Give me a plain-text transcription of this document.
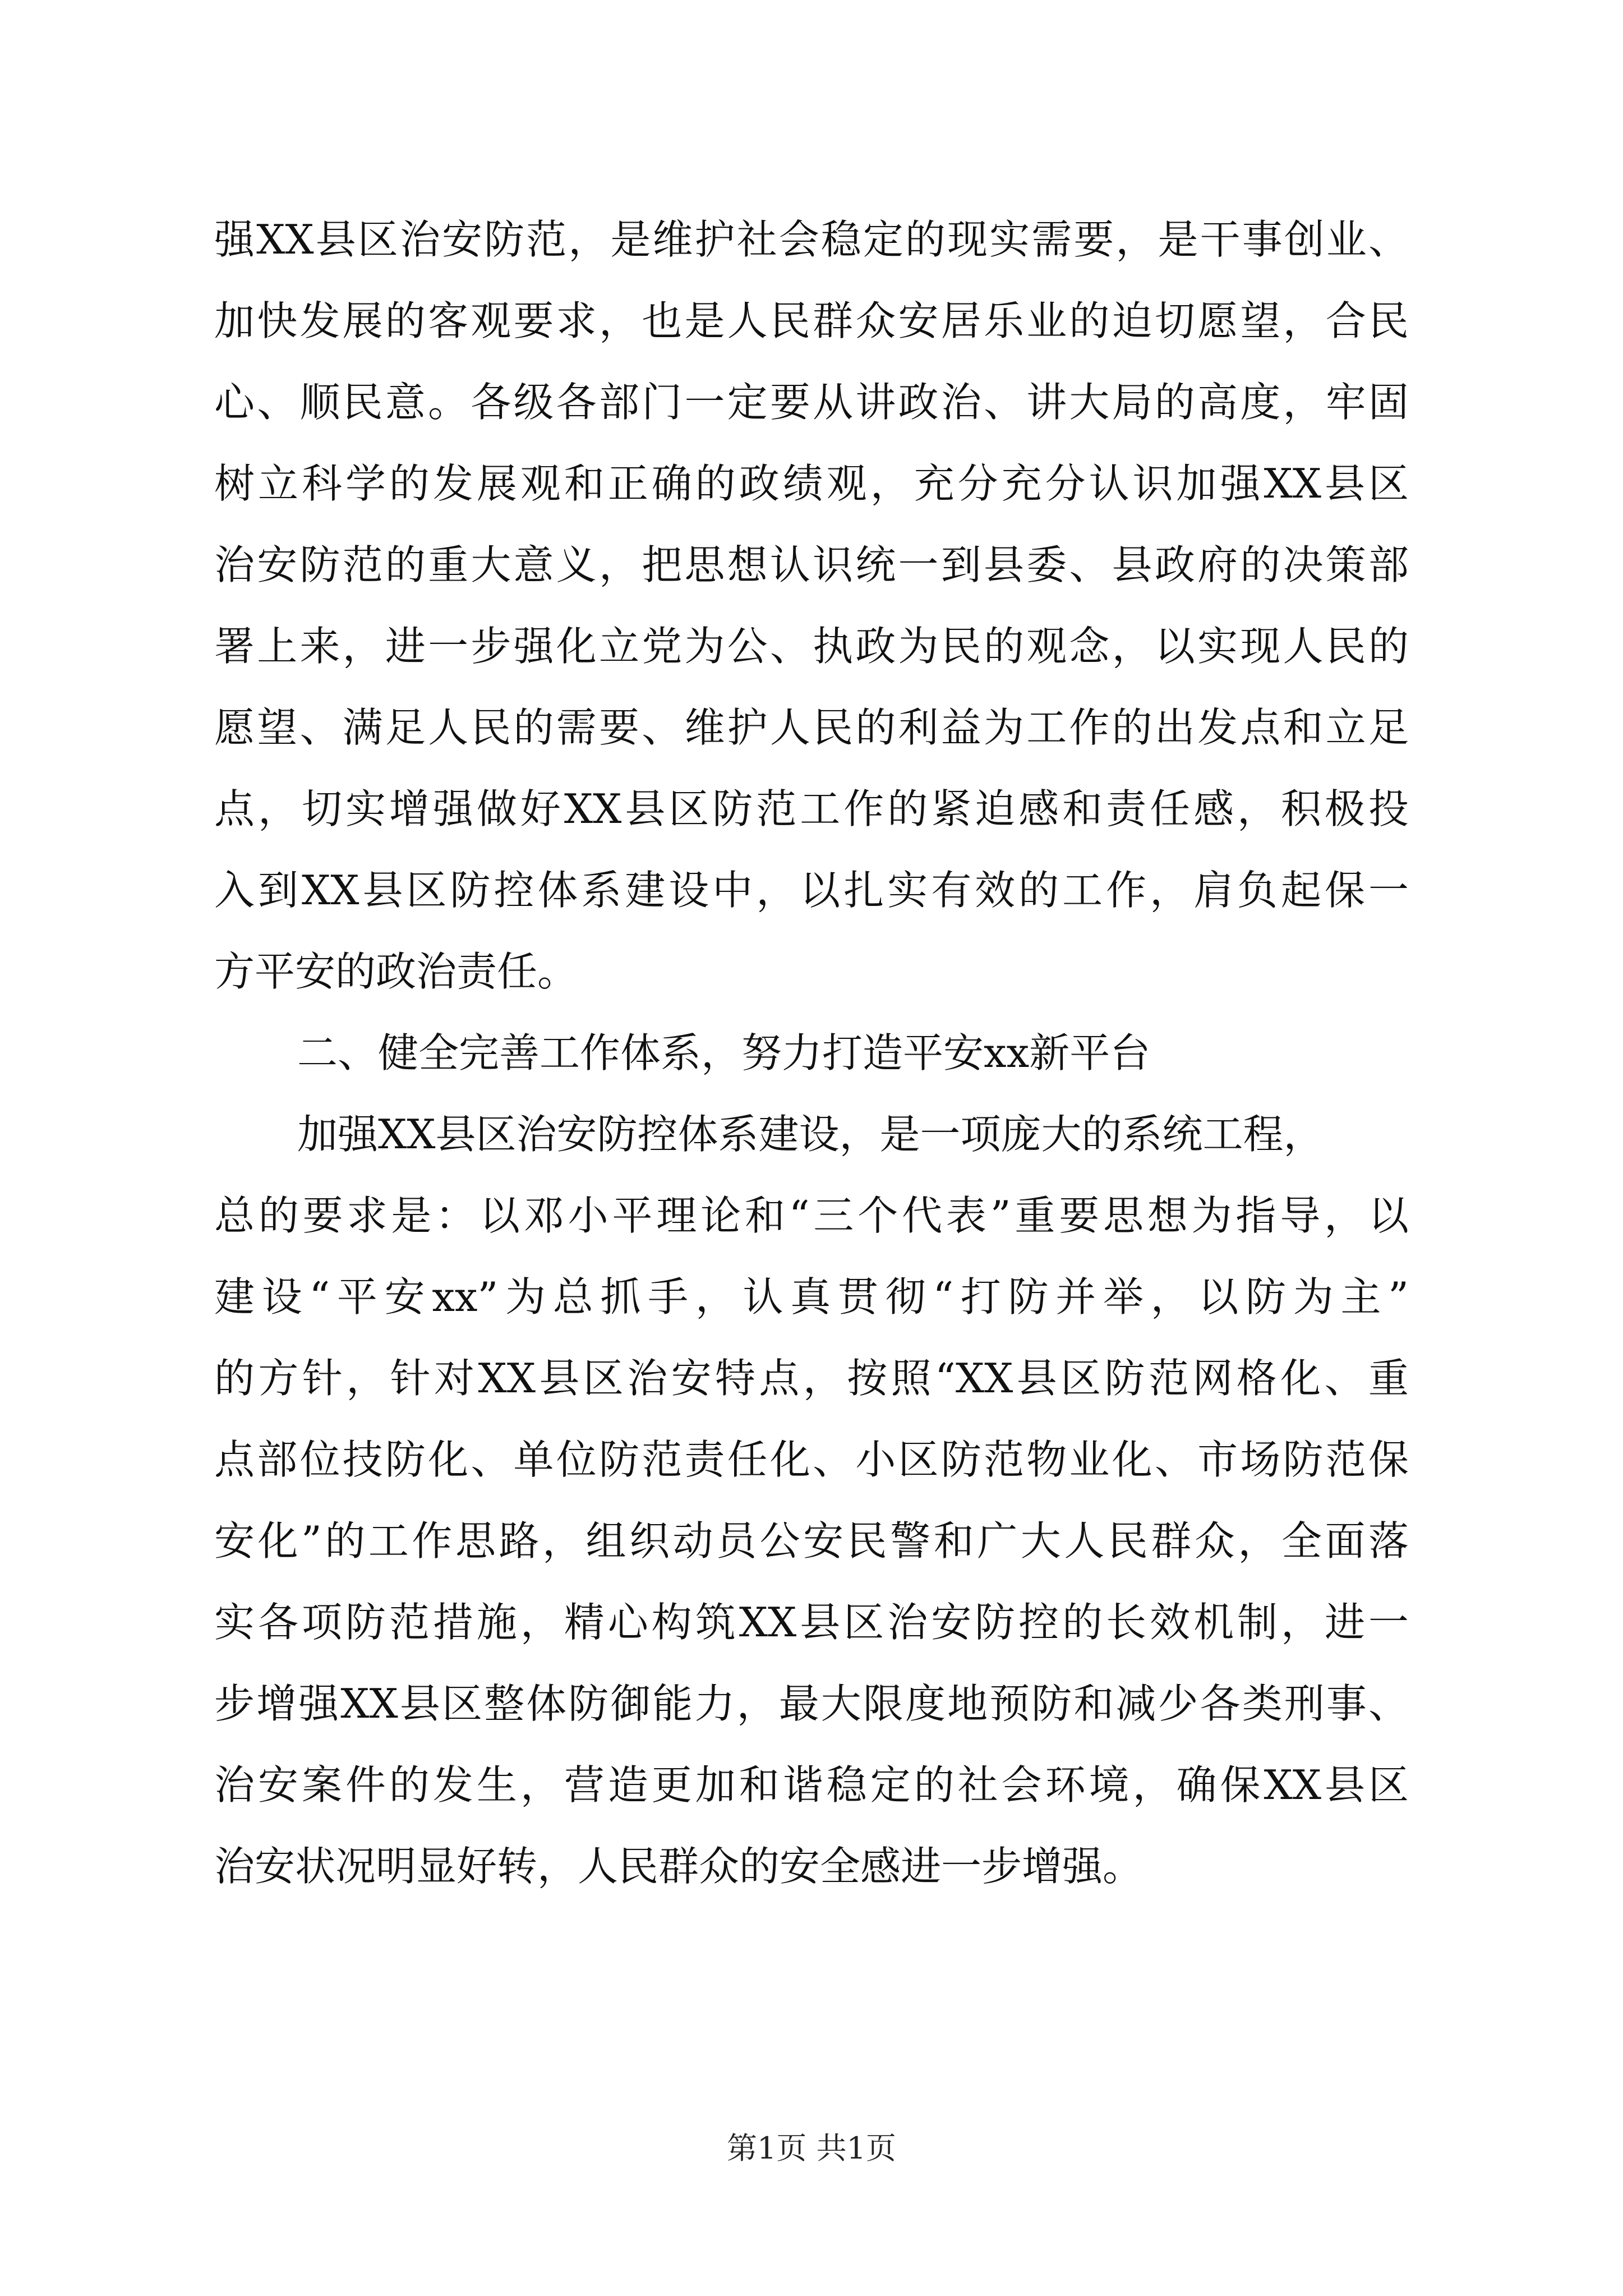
强XX县区治安防范，是维护社会稳定的现实需要，是干事创业、
加快发展的客观要求，也是人民群众安居乐业的迫切愿望，合民
心、顺民意。各级各部门一定要从讲政治、讲大局的高度，牢固
树立科学的发展观和正确的政绩观，充分充分认识加强XX县区
治安防范的重大意义，把思想认识统一到县委、县政府的决策部
署上来，进一步强化立党为公、执政为民的观念，以实现人民的
愿望、满足人民的需要、维护人民的利益为工作的出发点和立足
点，切实增强做好XX县区防范工作的紧迫感和责任感，积极投
入到XX县区防控体系建设中，以扎实有效的工作，肩负起保一
方平安的政治责任。
二、健全完善工作体系，努力打造平安xx新平台
加强XX县区治安防控体系建设，是一项庞大的系统工程，
总的要求是：以邓小平理论和“三个代表”重要思想为指导，以
建设“平安xx”为总抓手，认真贯彻“打防并举，以防为主”
的方针，针对XX县区治安特点，按照“XX县区防范网格化、重
点部位技防化、单位防范责任化、小区防范物业化、市场防范保
安化”的工作思路，组织动员公安民警和广大人民群众，全面落
实各项防范措施，精心构筑XX县区治安防控的长效机制，进一
步增强XX县区整体防御能力，最大限度地预防和减少各类刑事、
治安案件的发生，营造更加和谐稳定的社会环境，确保XX县区
治安状况明显好转，人民群众的安全感进一步增强。
第1页 共1页
